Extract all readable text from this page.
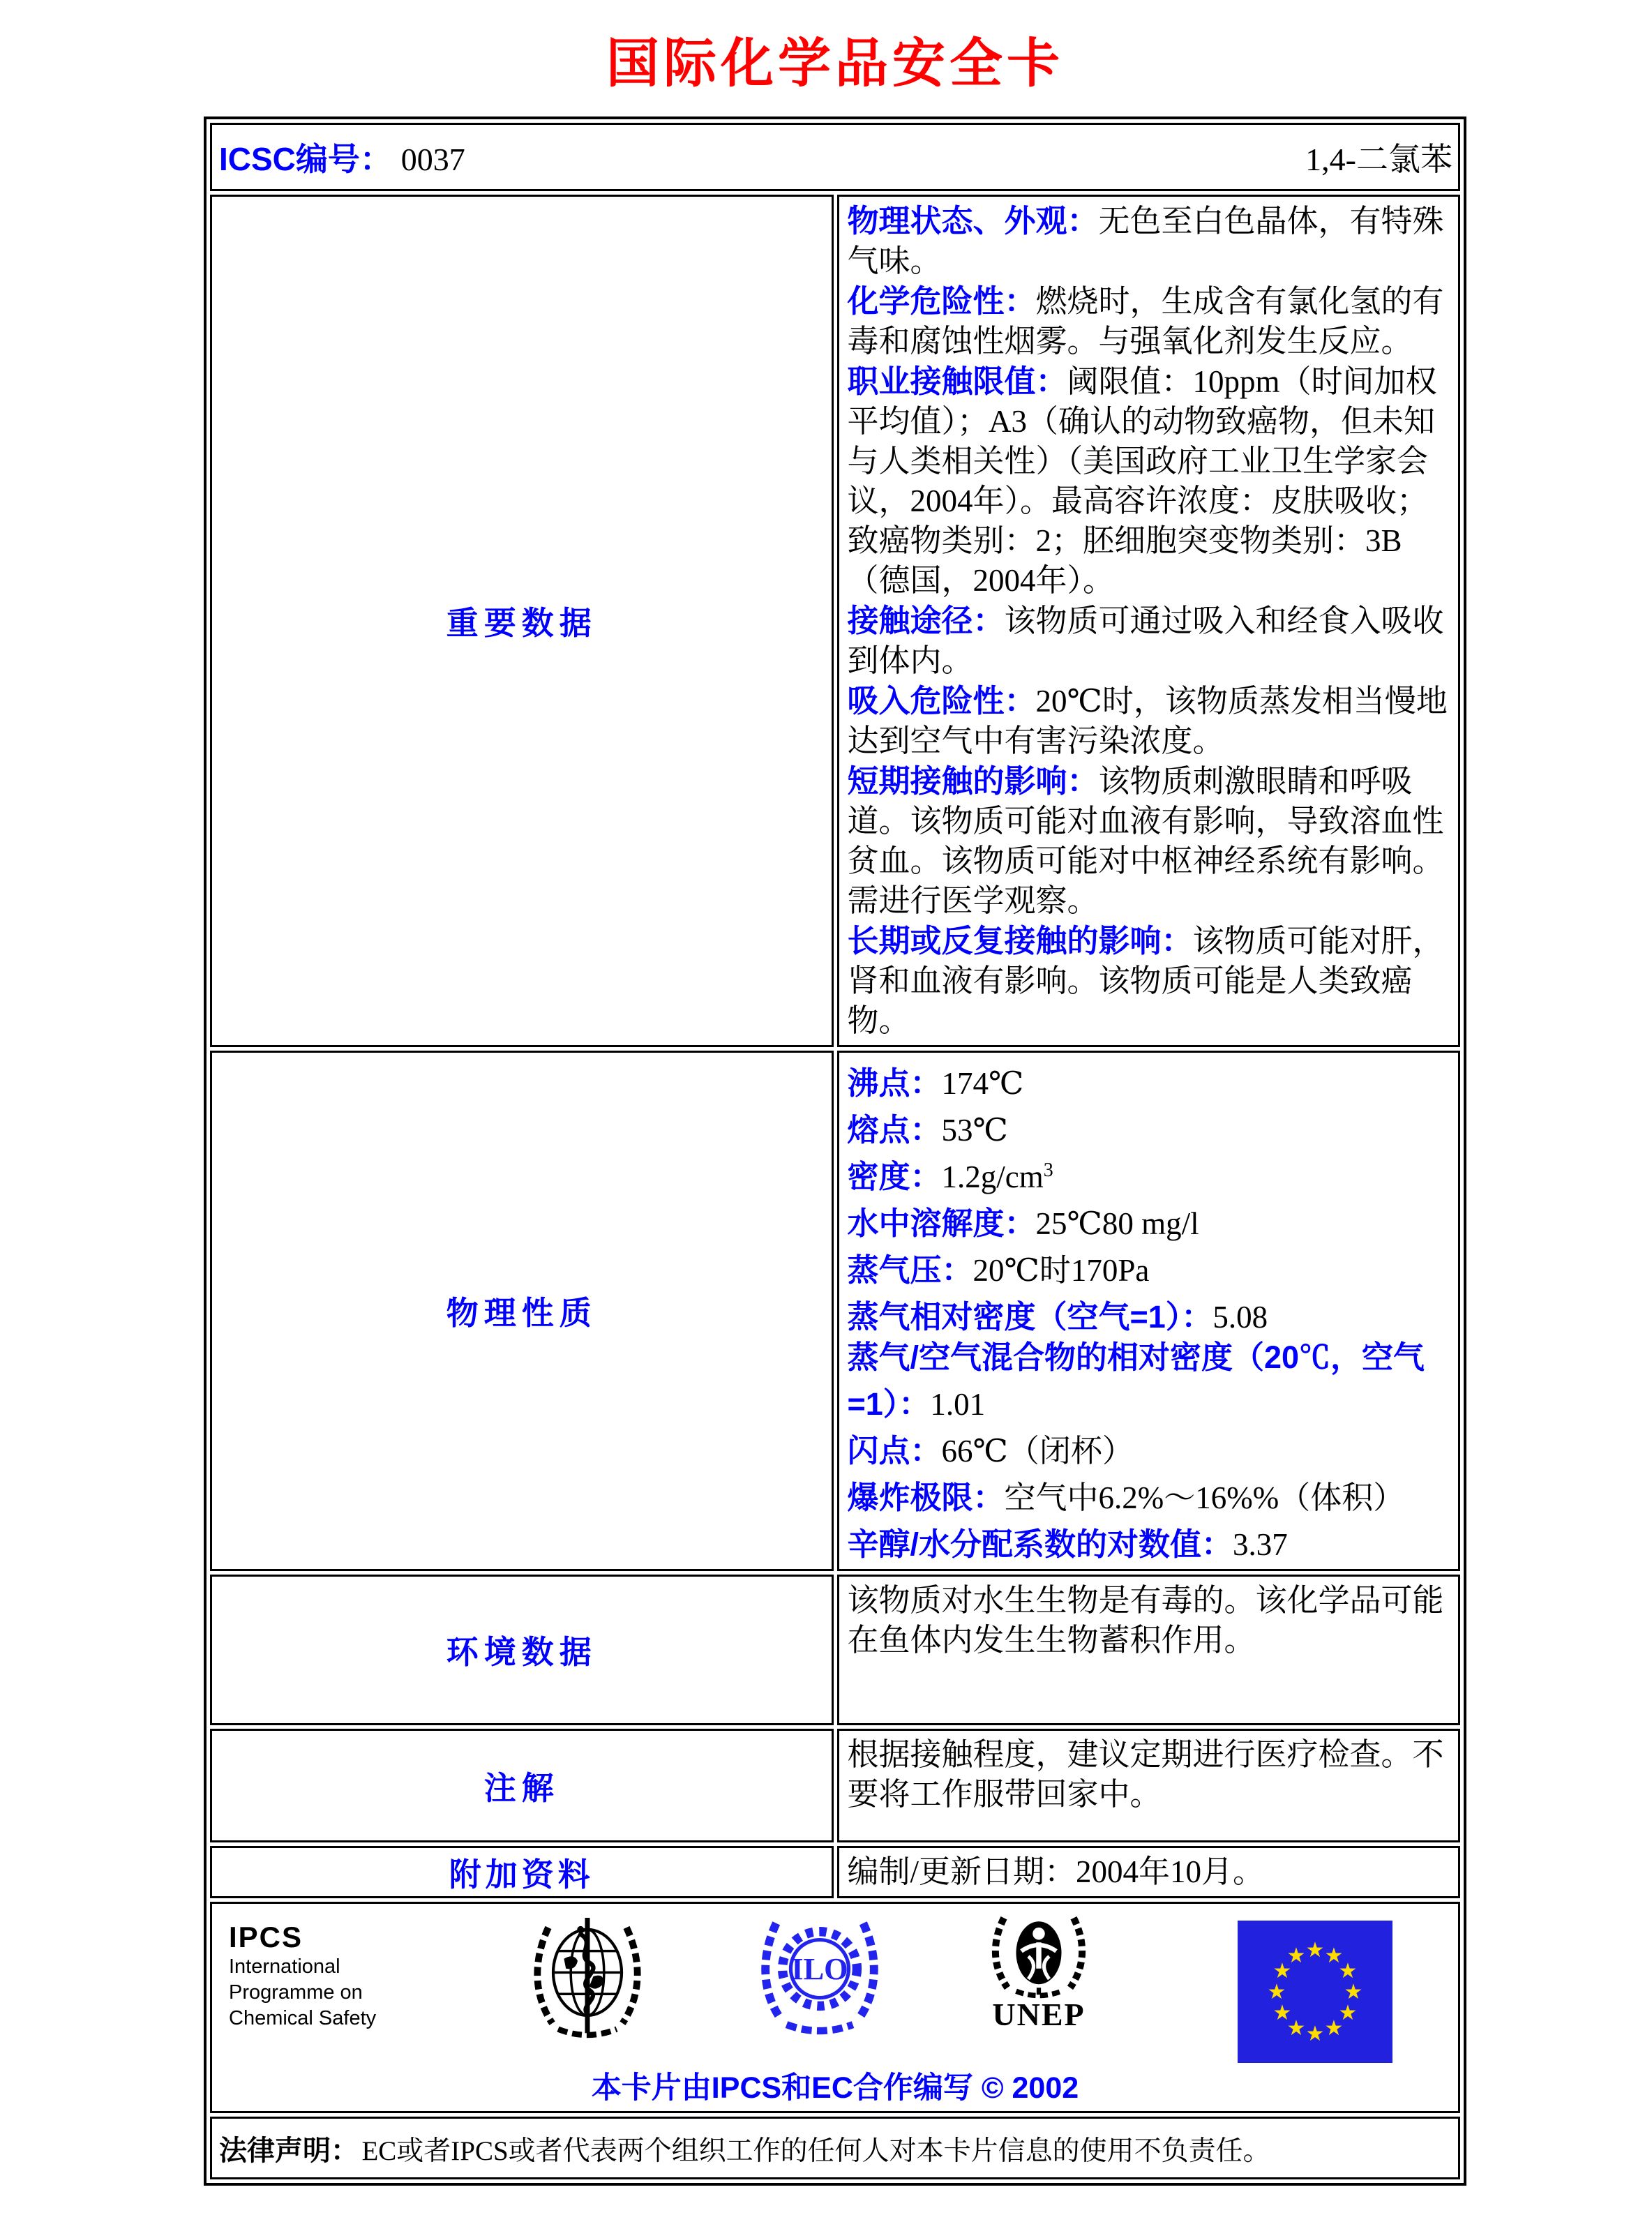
国际化学品安全卡
ICSC编号： 0037 1,4-二氯苯	

重要数据	
物理状态、外观：无色至白色晶体，有特殊气味。
化学危险性：燃烧时，生成含有氯化氢的有毒和腐蚀性烟雾。与强氧化剂发生反应。
职业接触限值：阈限值：10ppm（时间加权平均值）；A3（确认的动物致癌物，但未知与人类相关性）（美国政府工业卫生学家会议，2004年）。最高容许浓度：皮肤吸收；致癌物类别：2；胚细胞突变物类别：3B（德国，2004年）。
接触途径：该物质可通过吸入和经食入吸收到体内。
吸入危险性：20℃时，该物质蒸发相当慢地达到空气中有害污染浓度。
短期接触的影响：该物质刺激眼睛和呼吸道。该物质可能对血液有影响，导致溶血性贫血。该物质可能对中枢神经系统有影响。需进行医学观察。
长期或反复接触的影响：该物质可能对肝，肾和血液有影响。该物质可能是人类致癌物。

物理性质	
沸点：174℃
熔点：53℃
密度：$1.2g/cm^3$
水中溶解度：25℃80 mg/l
蒸气压：20℃时170Pa
蒸气相对密度（空气=1）：5.08
蒸气/空气混合物的相对密度（20℃，空气=1）：1.01
闪点：66℃（闭杯）
爆炸极限：空气中6.2%～16%%（体积）
辛醇/水分配系数的对数值：3.37

环境数据	该物质对水生生物是有毒的。该化学品可能在鱼体内发生生物蓄积作用。
注解	根据接触程度，建议定期进行医疗检查。不要将工作服带回家中。
附加资料	编制/更新日期：2004年10月。

IPCS
International
Programme on
Chemical Safety
ILO
UNEP
★ ★
★
★
★
★
★
★
★
★
★
★
本卡片由IPCS和EC合作编写 © 2002

法律声明： EC或者IPCS或者代表两个组织工作的任何人对本卡片信息的使用不负责任。	
